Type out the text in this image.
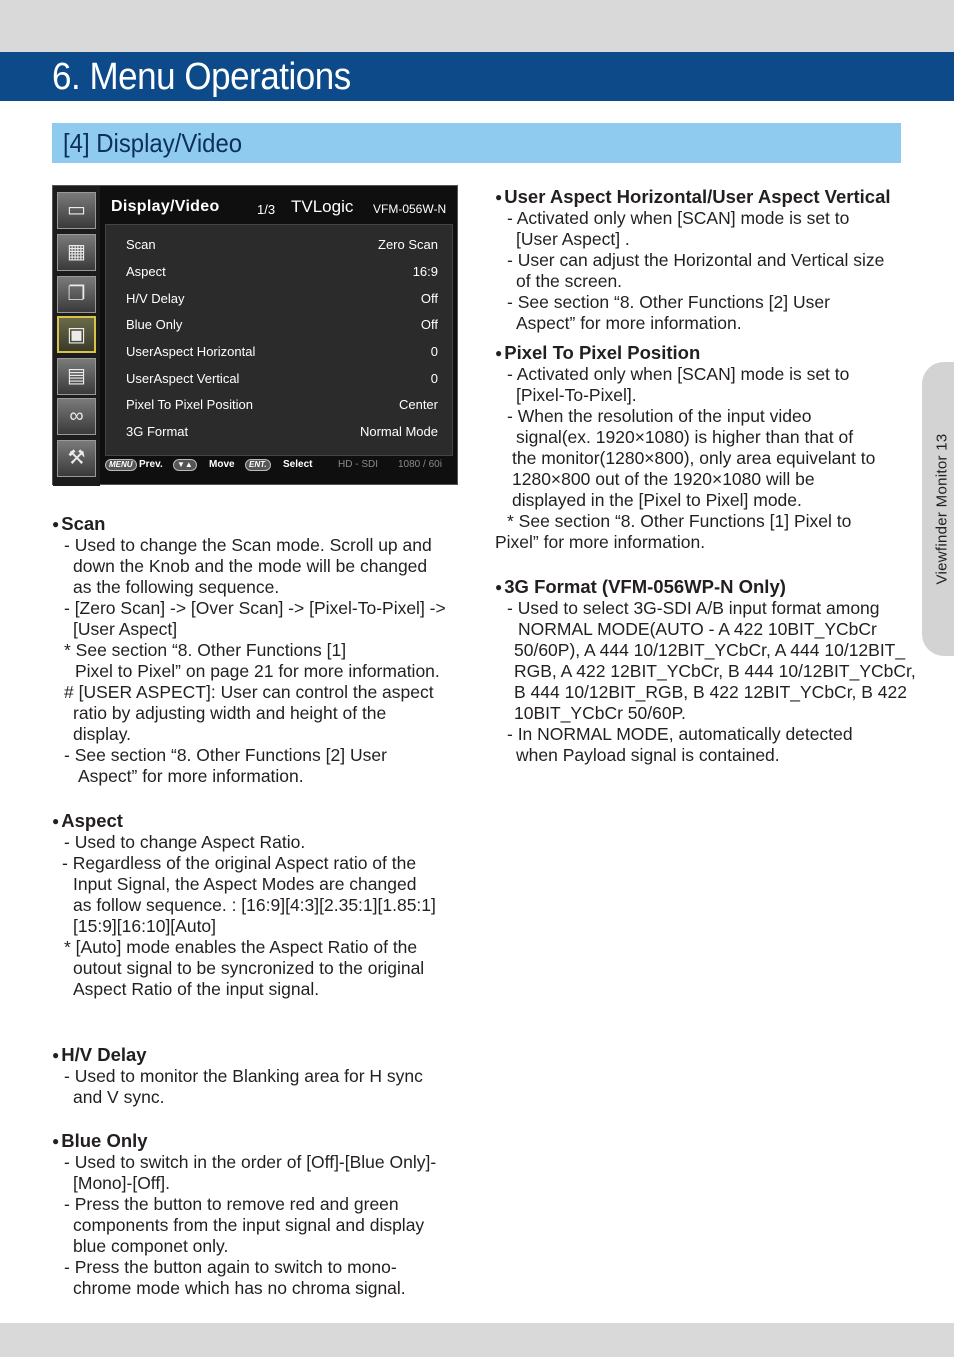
6. Menu Operations
[4] Display/Video
Viewfinder Monitor 13
▭
▦
❐
▣
▤
∞
⚒
Display/Video	1/3 TVLogic VFM-056W-N
Scan	Zero Scan
Aspect	16:9
H/V Delay	Off
Blue Only	Off
UserAspect Horizontal	0
UserAspect Vertical	0
Pixel To Pixel Position	Center
3G Format	Normal Mode
MENU Prev.	▼▲	Move	ENT.	Select	HD - SDI 1080 / 60i

● Scan

- Used to change the Scan mode. Scroll up and

down the Knob and the mode will be changed

as the following sequence.

- [Zero Scan] -> [Over Scan] -> [Pixel-To-Pixel] ->

[User Aspect]

* See section “8. Other Functions [1]

Pixel to Pixel” on page 21 for more information.

# [USER ASPECT]: User can control the aspect

ratio by adjusting width and height of the

display.

- See section “8. Other Functions [2] User

Aspect” for more information.

● Aspect

- Used to change Aspect Ratio.

- Regardless of the original Aspect ratio of the

Input Signal, the Aspect Modes are changed

as follow sequence. : [16:9][4:3][2.35:1][1.85:1]

[15:9][16:10][Auto]

* [Auto] mode enables the Aspect Ratio of the

outout signal to be syncronized to the original

Aspect Ratio of the input signal.

● H/V Delay

- Used to monitor the Blanking area for H sync

and V sync.

● Blue Only

- Used to switch in the order of [Off]-[Blue Only]-

[Mono]-[Off].

- Press the button to remove red and green

components from the input signal and display

blue componet only.

- Press the button again to switch to mono-

chrome mode which has no chroma signal.

● User Aspect Horizontal/User Aspect Vertical

- Activated only when [SCAN] mode is set to

[User Aspect] .

- User can adjust the Horizontal and Vertical size

of the screen.

- See section “8. Other Functions [2] User

Aspect” for more information.

● Pixel To Pixel Position

- Activated only when [SCAN] mode is set to

[Pixel-To-Pixel].

- When the resolution of the input video

signal(ex. 1920×1080) is higher than that of

the monitor(1280×800), only area equivelant to

1280×800 out of the 1920×1080 will be

displayed in the [Pixel to Pixel] mode.

* See section “8. Other Functions [1] Pixel to

Pixel” for more information.

● 3G Format (VFM-056WP-N Only)

- Used to select 3G-SDI A/B input format among

NORMAL MODE(AUTO - A 422 10BIT_YCbCr

50/60P), A 444 10/12BIT_YCbCr, A 444 10/12BIT_

RGB, A 422 12BIT_YCbCr, B 444 10/12BIT_YCbCr,

B 444 10/12BIT_RGB, B 422 12BIT_YCbCr, B 422

10BIT_YCbCr 50/60P.

- In NORMAL MODE, automatically detected

when Payload signal is contained.
